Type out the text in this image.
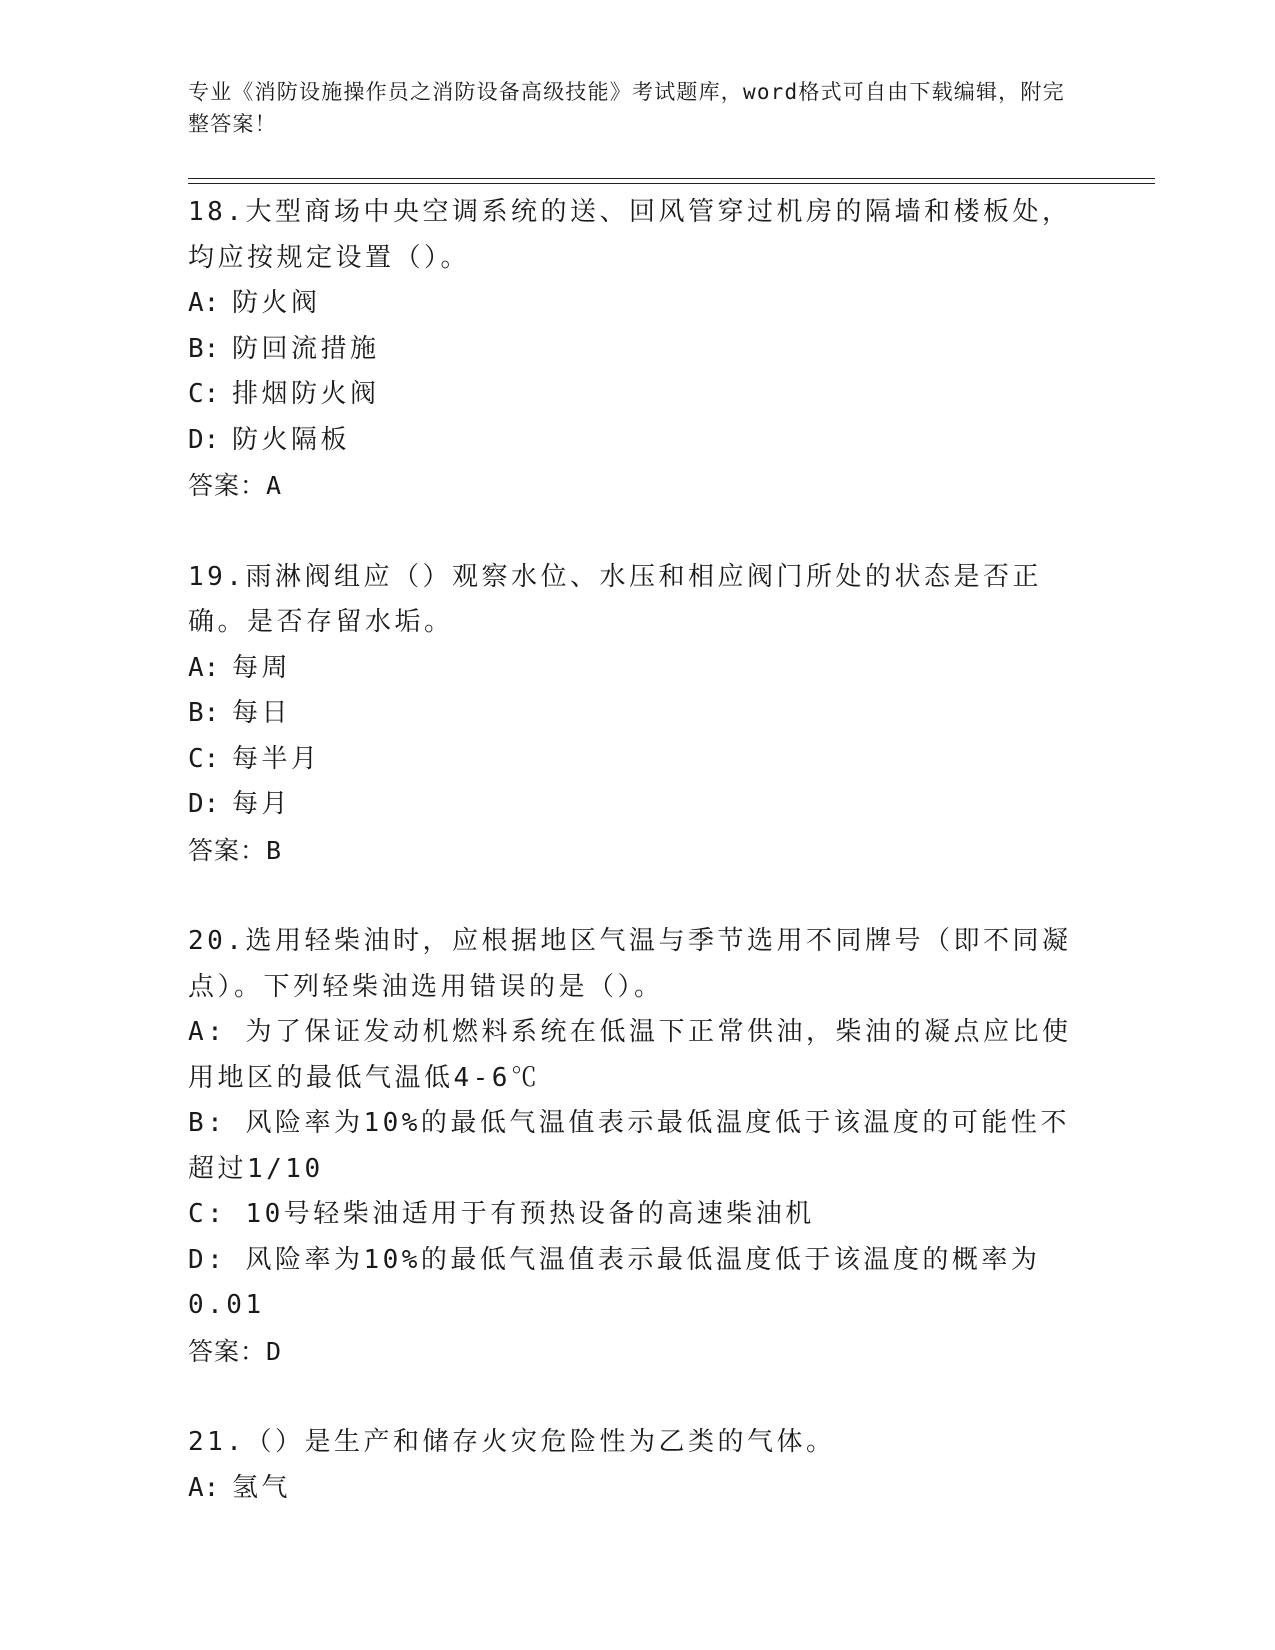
专业《消防设施操作员之消防设备高级技能》考试题库，word格式可自由下载编辑，附完整答案！

18.大型商场中央空调系统的送、回风管穿过机房的隔墙和楼板处，均应按规定设置（）。

A: 防火阀

B: 防回流措施

C: 排烟防火阀

D: 防火隔板

答案：A

19.雨淋阀组应（）观察水位、水压和相应阀门所处的状态是否正确。是否存留水垢。

A: 每周

B: 每日

C: 每半月

D: 每月

答案：B

20.选用轻柴油时，应根据地区气温与季节选用不同牌号（即不同凝点）。下列轻柴油选用错误的是（）。

A:  为了保证发动机燃料系统在低温下正常供油，柴油的凝点应比使用地区的最低气温低4-6℃

B:  风险率为10%的最低气温值表示最低温度低于该温度的可能性不超过1/10

C:  10号轻柴油适用于有预热设备的高速柴油机

D:  风险率为10%的最低气温值表示最低温度低于该温度的概率为0.01

答案：D

21.（）是生产和储存火灾危险性为乙类的气体。

A: 氢气
